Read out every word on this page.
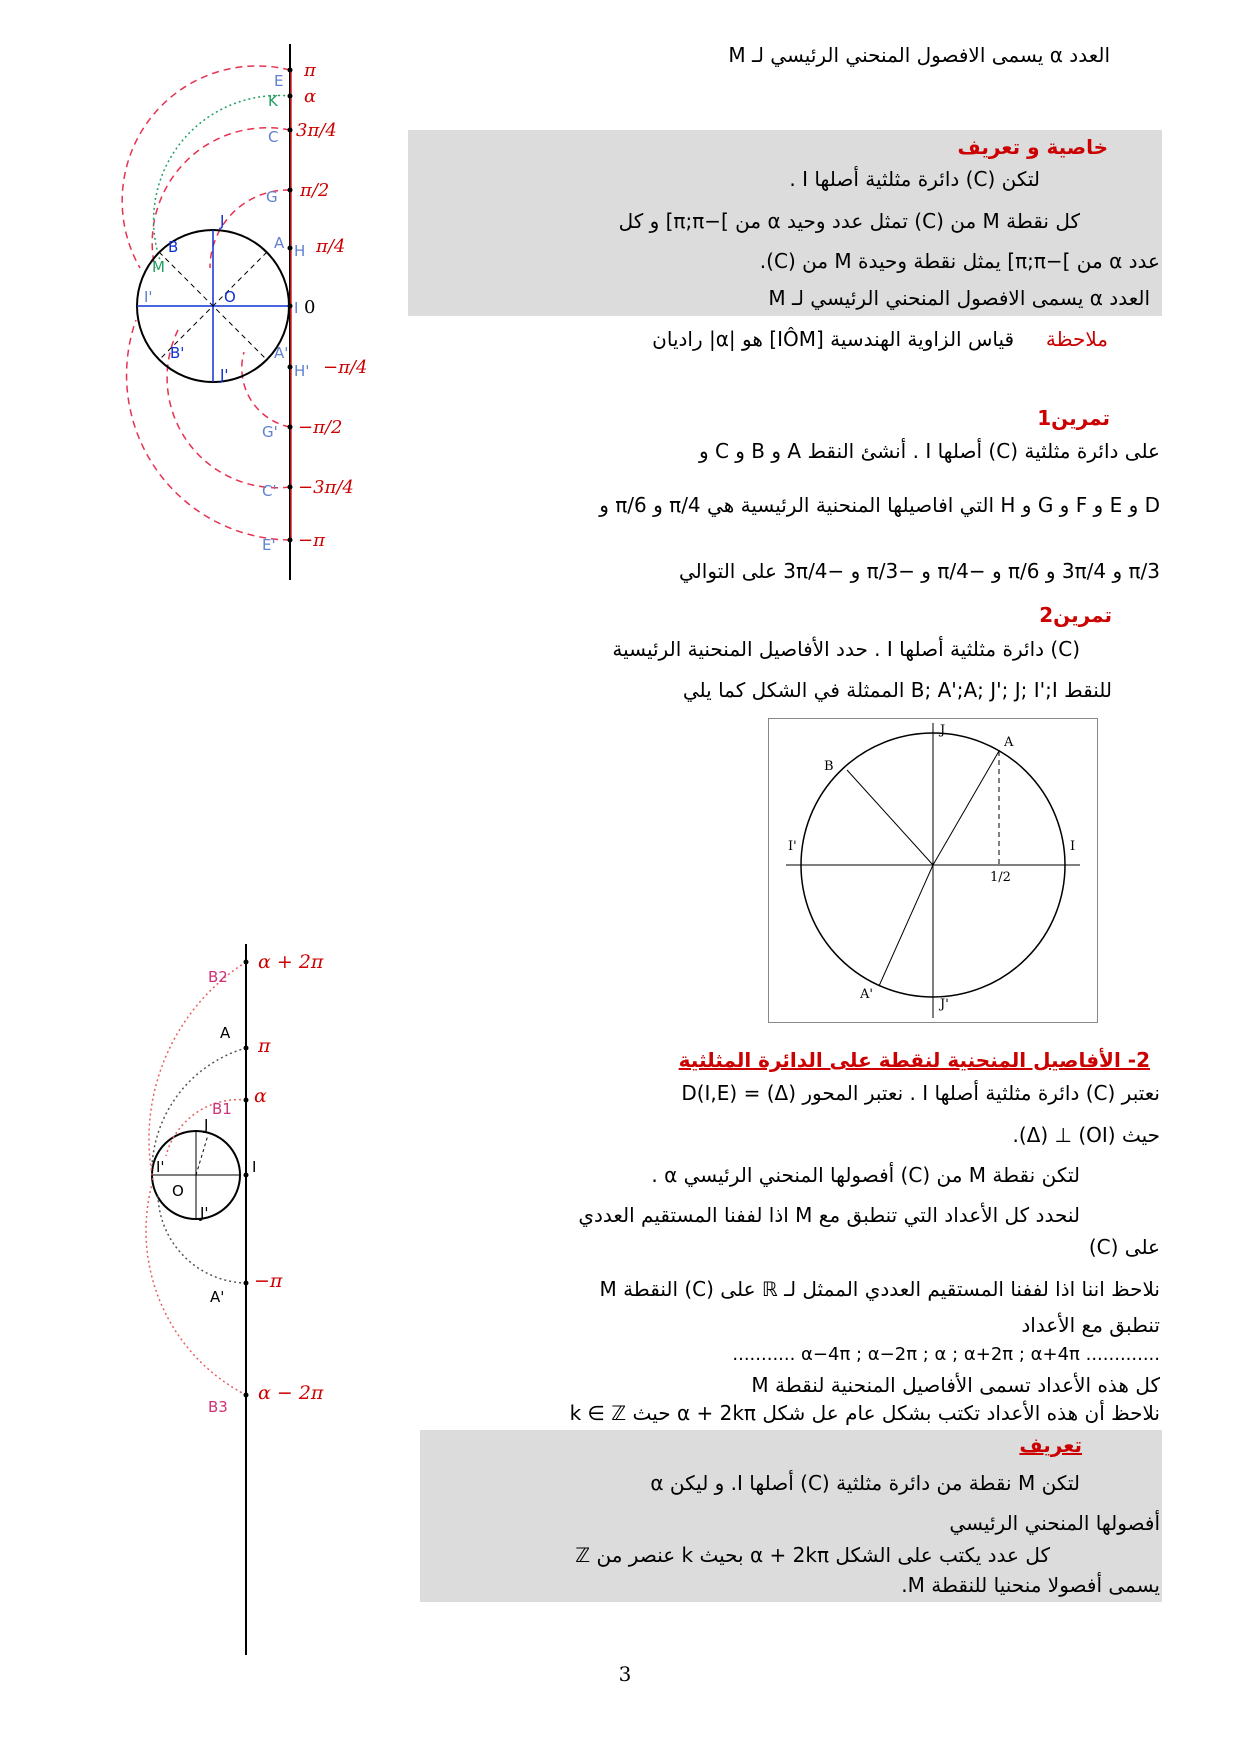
π
α
3π/4
π/2
π/4
0
−π/4
−π/2
−3π/4
−π
E
K
C
G
J
A H
B
M
I'	O
I
B'	A'
J'	H'
G'
C'
E'
α + 2π
π
α
−π
α − 2π
B2
A
B1
J
I'	I
O
J'
A'
B3
العدد α يسمى الافصول المنحني الرئيسي لـ M
خاصية و تعريف
لتكن (C) دائرة مثلثية أصلها I .
كل نقطة M من (C) تمثل عدد وحيد α من ]−π;π] و كل
عدد α من ]−π;π] يمثل نقطة وحيدة M من (C).
العدد α يسمى الافصول المنحني الرئيسي لـ M
ملاحظة     قياس الزاوية الهندسية [IÔM] هو |α| راديان
تمرين1
على دائرة مثلثية (C) أصلها I . أنشئ النقط A و B و C و
D و E و F و G و H التي افاصيلها المنحنية الرئيسية هي π/4 و π/6 و
π/3 و 3π/4 و π/6 و −π/4 و −π/3 و −3π/4 على التوالي
تمرين2
(C) دائرة مثلثية أصلها I . حدد الأفاصيل المنحنية الرئيسية
للنقط B; A';A; J'; J; I';I الممثلة في الشكل كما يلي
J
A
B
I'	I
A'
J'
1/2
2- الأفاصيل المنحنية لنقطة على الدائرة المثلثية
نعتبر (C) دائرة مثلثية أصلها I . نعتبر المحور (Δ) = D(I,E)
حيث (OI) ⊥ (Δ).
لتكن نقطة M من (C) أفصولها المنحني الرئيسي α .
لنحدد كل الأعداد التي تنطبق مع M اذا لففنا المستقيم العددي
على (C)
نلاحظ اننا اذا لففنا المستقيم العددي الممثل لـ ℝ على (C) النقطة M
تنطبق مع الأعداد
........... α−4π ; α−2π ; α ; α+2π ; α+4π .............
كل هذه الأعداد تسمى الأفاصيل المنحنية لنقطة M
نلاحظ أن هذه الأعداد تكتب بشكل عام عل شكل α + 2kπ حيث k ∈ ℤ
تعريف
لتكن M نقطة من دائرة مثلثية (C) أصلها I. و ليكن α
أفصولها المنحني الرئيسي
كل عدد يكتب على الشكل α + 2kπ بحيث k عنصر من ℤ
يسمى أفصولا منحنيا للنقطة M.
3
